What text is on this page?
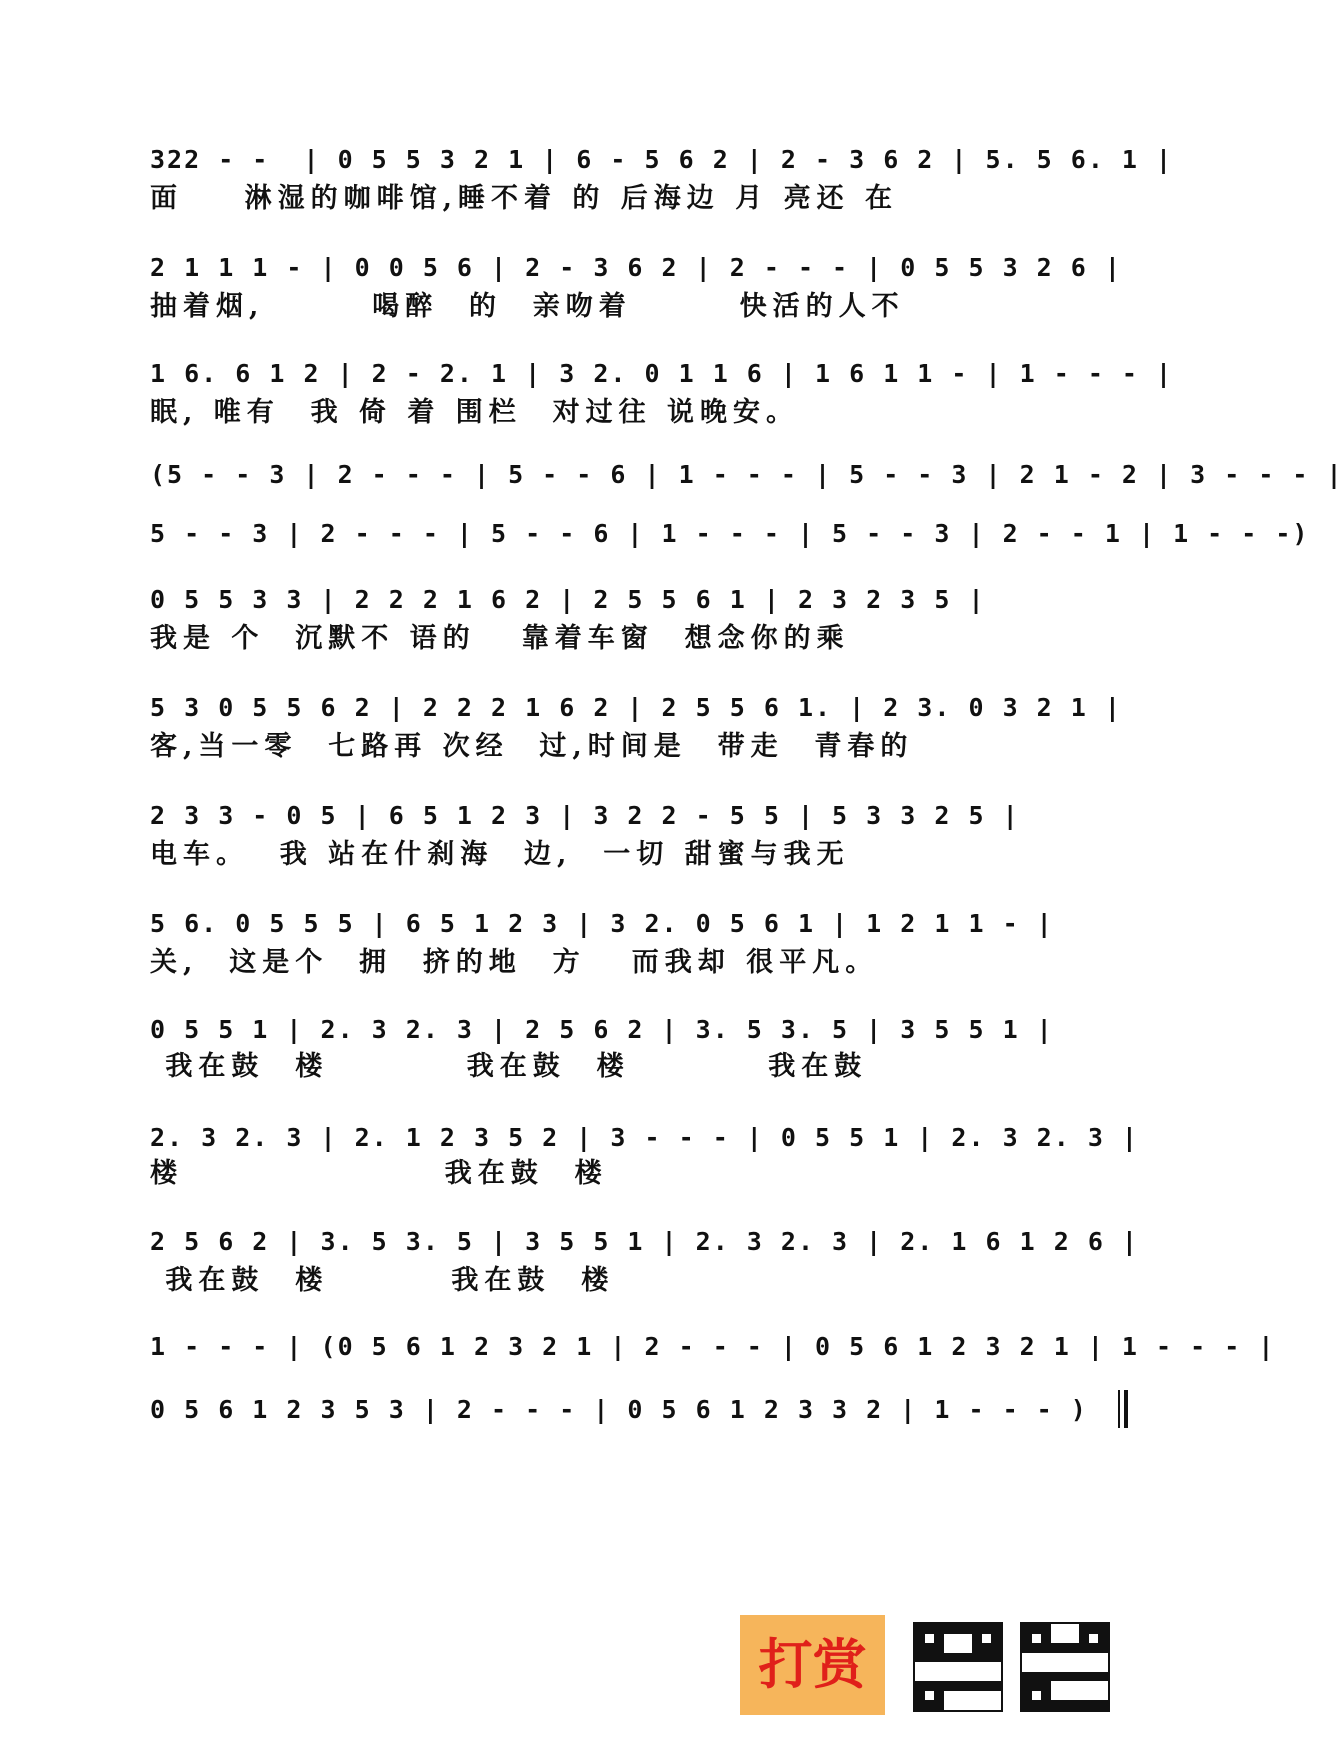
322 - -  | 0 5 5 3 2 1 | 6 - 5 6 2 | 2 - 3 6 2 | 5. 5 6. 1 |
面    淋湿的咖啡馆,睡不着 的 后海边 月 亮还 在
2 1 1 1 - | 0 0 5 6 | 2 - 3 6 2 | 2 - - - | 0 5 5 3 2 6 |
抽着烟,       喝醉  的  亲吻着       快活的人不
1 6. 6 1 2 | 2 - 2. 1 | 3 2. 0 1 1 6 | 1 6 1 1 - | 1 - - - |
眠, 唯有  我 倚 着 围栏  对过往 说晚安。
(5 - - 3 | 2 - - - | 5 - - 6 | 1 - - - | 5 - - 3 | 2 1 - 2 | 3 - - - |
5 - - 3 | 2 - - - | 5 - - 6 | 1 - - - | 5 - - 3 | 2 - - 1 | 1 - - -)
0 5 5 3 3 | 2 2 2 1 6 2 | 2 5 5 6 1 | 2 3 2 3 5 |
我是 个  沉默不 语的   靠着车窗  想念你的乘
5 3 0 5 5 6 2 | 2 2 2 1 6 2 | 2 5 5 6 1. | 2 3. 0 3 2 1 |
客,当一零  七路再 次经  过,时间是  带走  青春的
2 3 3 - 0 5 | 6 5 1 2 3 | 3 2 2 - 5 5 | 5 3 3 2 5 |
电车。  我 站在什刹海  边,  一切 甜蜜与我无
5 6. 0 5 5 5 | 6 5 1 2 3 | 3 2. 0 5 6 1 | 1 2 1 1 - |
关,  这是个  拥  挤的地  方   而我却 很平凡。
0 5 5 1 | 2. 3 2. 3 | 2 5 6 2 | 3. 5 3. 5 | 3 5 5 1 |
我在鼓  楼         我在鼓  楼         我在鼓
2. 3 2. 3 | 2. 1 2 3 5 2 | 3 - - - | 0 5 5 1 | 2. 3 2. 3 |
楼                 我在鼓  楼
2 5 6 2 | 3. 5 3. 5 | 3 5 5 1 | 2. 3 2. 3 | 2. 1 6 1 2 6 |
我在鼓  楼        我在鼓  楼
1 - - - | (0 5 6 1 2 3 2 1 | 2 - - - | 0 5 6 1 2 3 2 1 | 1 - - - |
0 5 6 1 2 3 5 3 | 2 - - - | 0 5 6 1 2 3 3 2 | 1 - - - )
打赏
